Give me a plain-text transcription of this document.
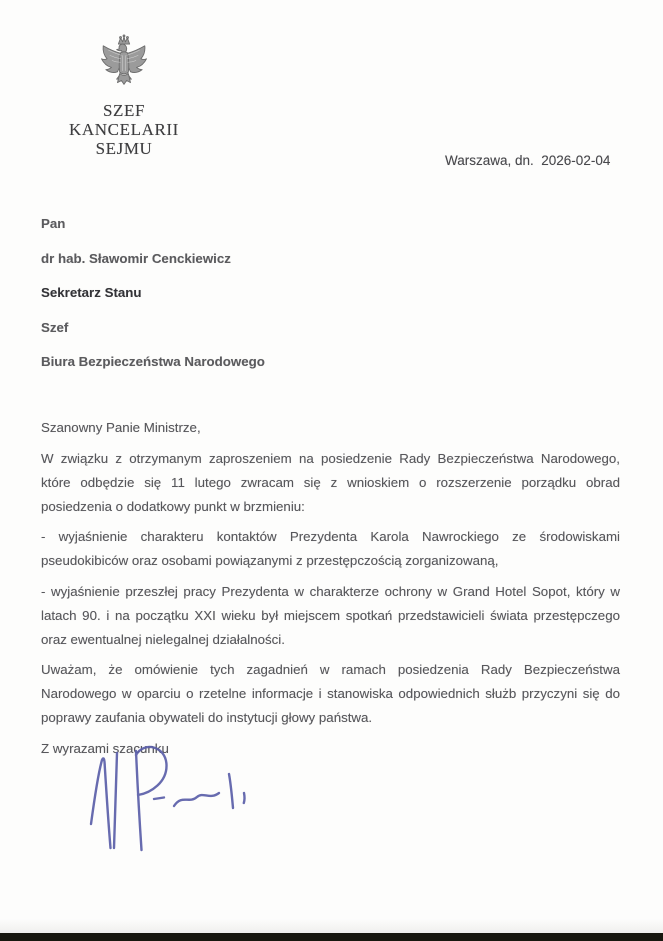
SZEF
KANCELARII SEJMU
Warszawa, dn.  2026-02-04
Pan
dr hab. Sławomir Cenckiewicz
Sekretarz Stanu
Szef
Biura Bezpieczeństwa Narodowego

Szanowny Panie Ministrze,

W związku z otrzymanym zaproszeniem na posiedzenie Rady Bezpieczeństwa Narodowego, które odbędzie się 11 lutego zwracam się z wnioskiem o rozszerzenie porządku obrad posiedzenia o dodatkowy punkt w brzmieniu:

- wyjaśnienie charakteru kontaktów Prezydenta Karola Nawrockiego ze środowiskami pseudokibiców oraz osobami powiązanymi z przestępczością zorganizowaną,

- wyjaśnienie przeszłej pracy Prezydenta w charakterze ochrony w Grand Hotel Sopot, który w latach 90. i na początku XXI wieku był miejscem spotkań przedstawicieli świata przestępczego oraz ewentualnej nielegalnej działalności.

Uważam, że omówienie tych zagadnień w ramach posiedzenia Rady Bezpieczeństwa Narodowego w oparciu o rzetelne informacje i stanowiska odpowiednich służb przyczyni się do poprawy zaufania obywateli do instytucji głowy państwa.

Z wyrazami szacunku
